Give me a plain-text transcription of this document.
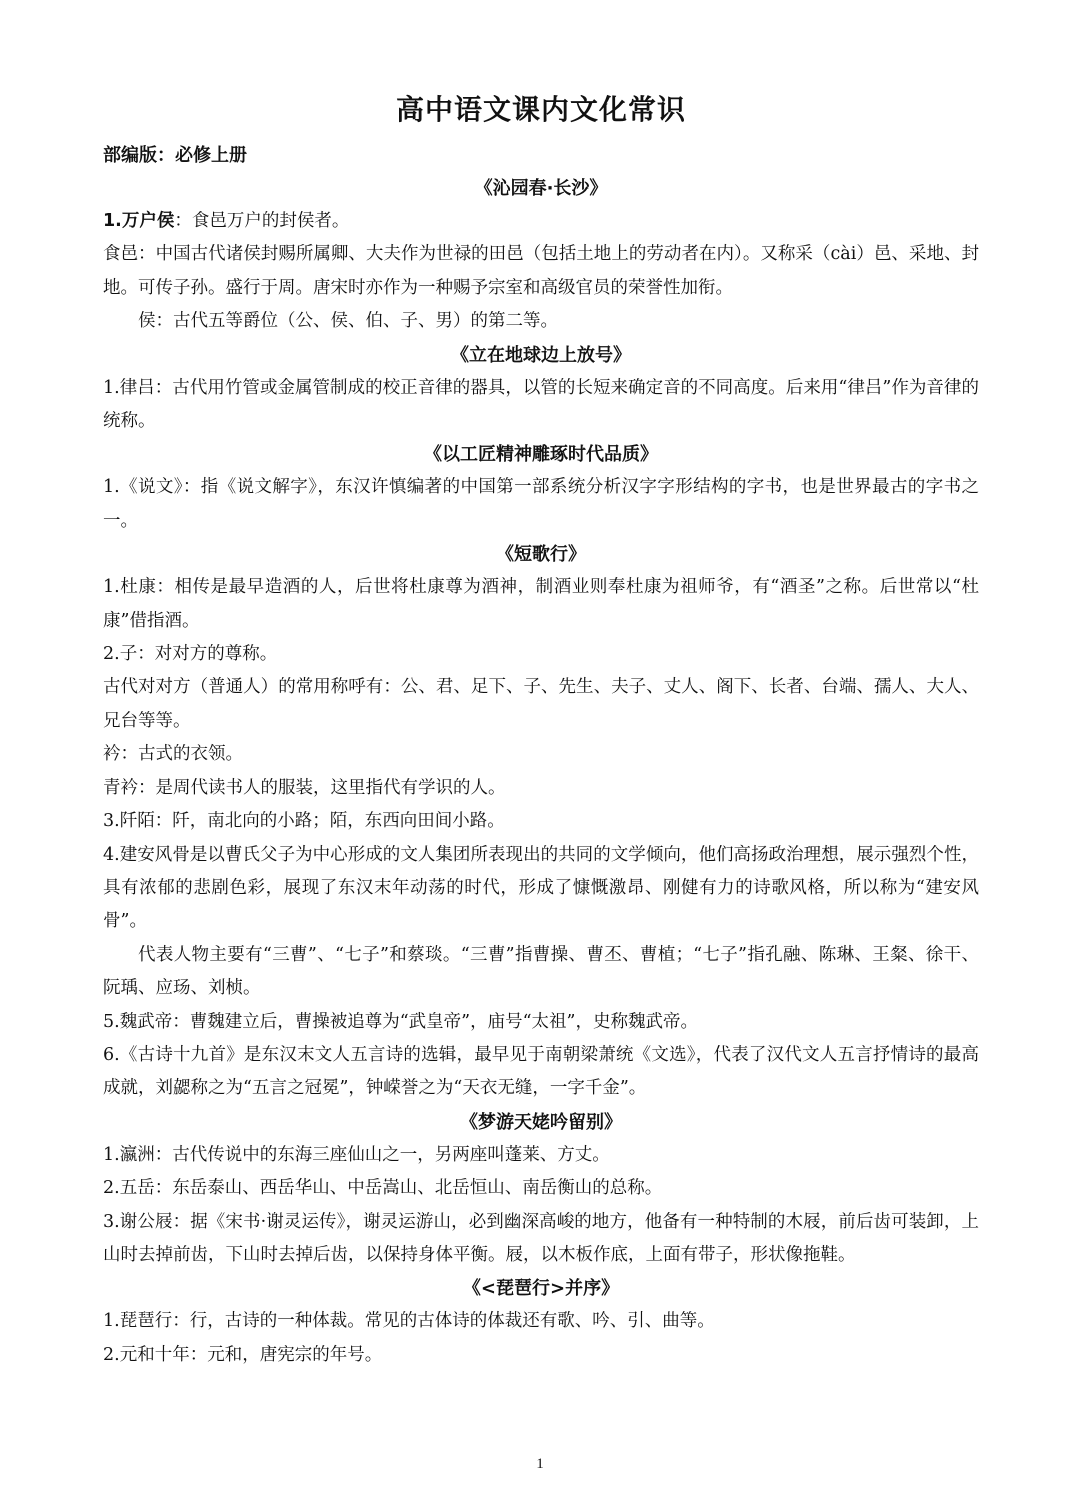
高中语文课内文化常识

部编版：必修上册

《沁园春·长沙》

1.万户侯：食邑万户的封侯者。

食邑：中国古代诸侯封赐所属卿、大夫作为世禄的田邑（包括土地上的劳动者在内）。又称采（cài）邑、采地、封地。可传子孙。盛行于周。唐宋时亦作为一种赐予宗室和高级官员的荣誉性加衔。

侯：古代五等爵位（公、侯、伯、子、男）的第二等。

《立在地球边上放号》

1.律吕：古代用竹管或金属管制成的校正音律的器具，以管的长短来确定音的不同高度。后来用“律吕”作为音律的统称。

《以工匠精神雕琢时代品质》

1.《说文》：指《说文解字》，东汉许慎编著的中国第一部系统分析汉字字形结构的字书，也是世界最古的字书之一。

《短歌行》

1.杜康：相传是最早造酒的人，后世将杜康尊为酒神，制酒业则奉杜康为祖师爷，有“酒圣”之称。后世常以“杜康”借指酒。

2.子：对对方的尊称。

古代对对方（普通人）的常用称呼有：公、君、足下、子、先生、夫子、丈人、阁下、长者、台端、孺人、大人、兄台等等。

衿：古式的衣领。

青衿：是周代读书人的服装，这里指代有学识的人。

3.阡陌：阡，南北向的小路；陌，东西向田间小路。

4.建安风骨是以曹氏父子为中心形成的文人集团所表现出的共同的文学倾向，他们高扬政治理想，展示强烈个性，具有浓郁的悲剧色彩，展现了东汉末年动荡的时代，形成了慷慨激昂、刚健有力的诗歌风格，所以称为“建安风骨”。

代表人物主要有“三曹”、“七子”和蔡琰。“三曹”指曹操、曹丕、曹植；“七子”指孔融、陈琳、王粲、徐干、阮瑀、应玚、刘桢。

5.魏武帝：曹魏建立后，曹操被追尊为“武皇帝”，庙号“太祖”，史称魏武帝。

6.《古诗十九首》是东汉末文人五言诗的选辑，最早见于南朝梁萧统《文选》，代表了汉代文人五言抒情诗的最高成就，刘勰称之为“五言之冠冕”，钟嵘誉之为“天衣无缝，一字千金”。

《梦游天姥吟留别》

1.瀛洲：古代传说中的东海三座仙山之一，另两座叫蓬莱、方丈。

2.五岳：东岳泰山、西岳华山、中岳嵩山、北岳恒山、南岳衡山的总称。

3.谢公屐：据《宋书·谢灵运传》，谢灵运游山，必到幽深高峻的地方，他备有一种特制的木屐，前后齿可装卸，上山时去掉前齿，下山时去掉后齿，以保持身体平衡。屐，以木板作底，上面有带子，形状像拖鞋。

《<琵琶行>并序》

1.琵琶行：行，古诗的一种体裁。常见的古体诗的体裁还有歌、吟、引、曲等。

2.元和十年：元和，唐宪宗的年号。

1
